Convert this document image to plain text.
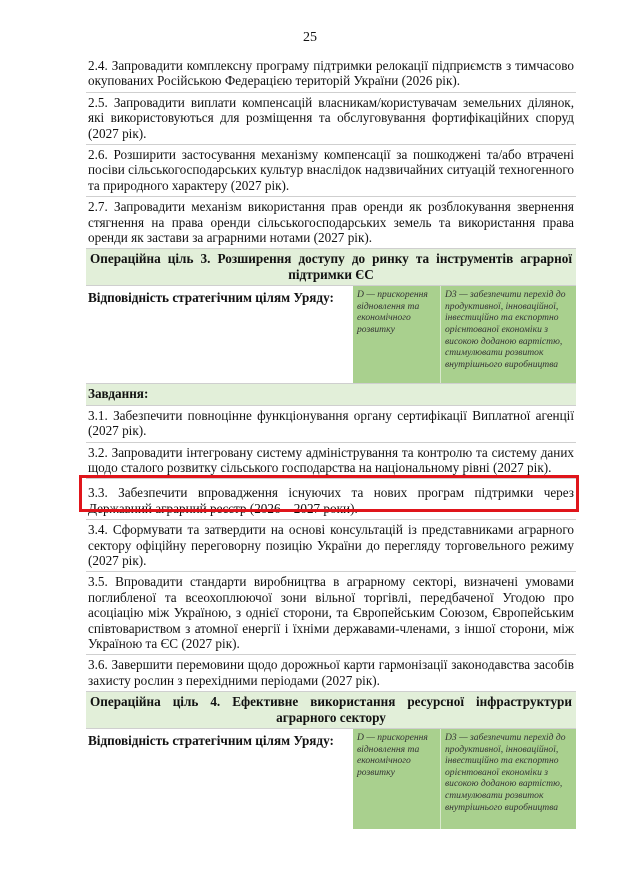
25
2.4. Запровадити комплексну програму підтримки релокації підприємств з тимчасово окупованих Російською Федерацією територій України (2026 рік).
2.5. Запровадити виплати компенсацій власникам/користувачам земельних ділянок, які використовуються для розміщення та обслуговування фортифікаційних споруд (2027 рік).
2.6. Розширити застосування механізму компенсації за пошкоджені та/або втрачені посіви сільськогосподарських культур внаслідок надзвичайних ситуацій техногенного та природного характеру (2027 рік).
2.7. Запровадити механізм використання прав оренди як розблокування звернення стягнення на права оренди сільськогосподарських земель та використання права оренди як застави за аграрними нотами (2027 рік).
Операційна ціль 3. Розширення доступу до ринку та інструментів аграрної
підтримки ЄС
Відповідність стратегічним цілям Уряду:	D — прискорення відновлення та економічного розвитку
D3 — забезпечити перехід до продуктивної, інноваційної, інвестиційно та експортно орієнтованої економіки з високою доданою вартістю, стимулювати розвиток внутрішнього виробництва
Завдання:
3.1. Забезпечити повноцінне функціонування органу сертифікації Виплатної агенції (2027 рік).
3.2. Запровадити інтегровану систему адміністрування та контролю та систему даних щодо сталого розвитку сільського господарства на національному рівні (2027 рік).
3.3. Забезпечити впровадження існуючих та нових програм підтримки через Державний аграрний реєстр (2026—2027 роки).
3.4. Сформувати та затвердити на основі консультацій із представниками аграрного сектору офіційну переговорну позицію України до перегляду торговельного режиму (2027 рік).
3.5. Впровадити стандарти виробництва в аграрному секторі, визначені умовами поглибленої та всеохоплюючої зони вільної торгівлі, передбаченої Угодою про асоціацію між Україною, з однієї сторони, та Європейським Союзом, Європейським співтовариством з атомної енергії і їхніми державами-членами, з іншої сторони, між Україною та ЄС (2027 рік).
3.6. Завершити перемовини щодо дорожньої карти гармонізації законодавства засобів захисту рослин з перехідними періодами (2027 рік).
Операційна ціль 4. Ефективне використання ресурсної інфраструктури
аграрного сектору
Відповідність стратегічним цілям Уряду:	D — прискорення відновлення та економічного розвитку
D3 — забезпечити перехід до продуктивної, інноваційної, інвестиційно та експортно орієнтованої економіки з високою доданою вартістю, стимулювати розвиток внутрішнього виробництва
